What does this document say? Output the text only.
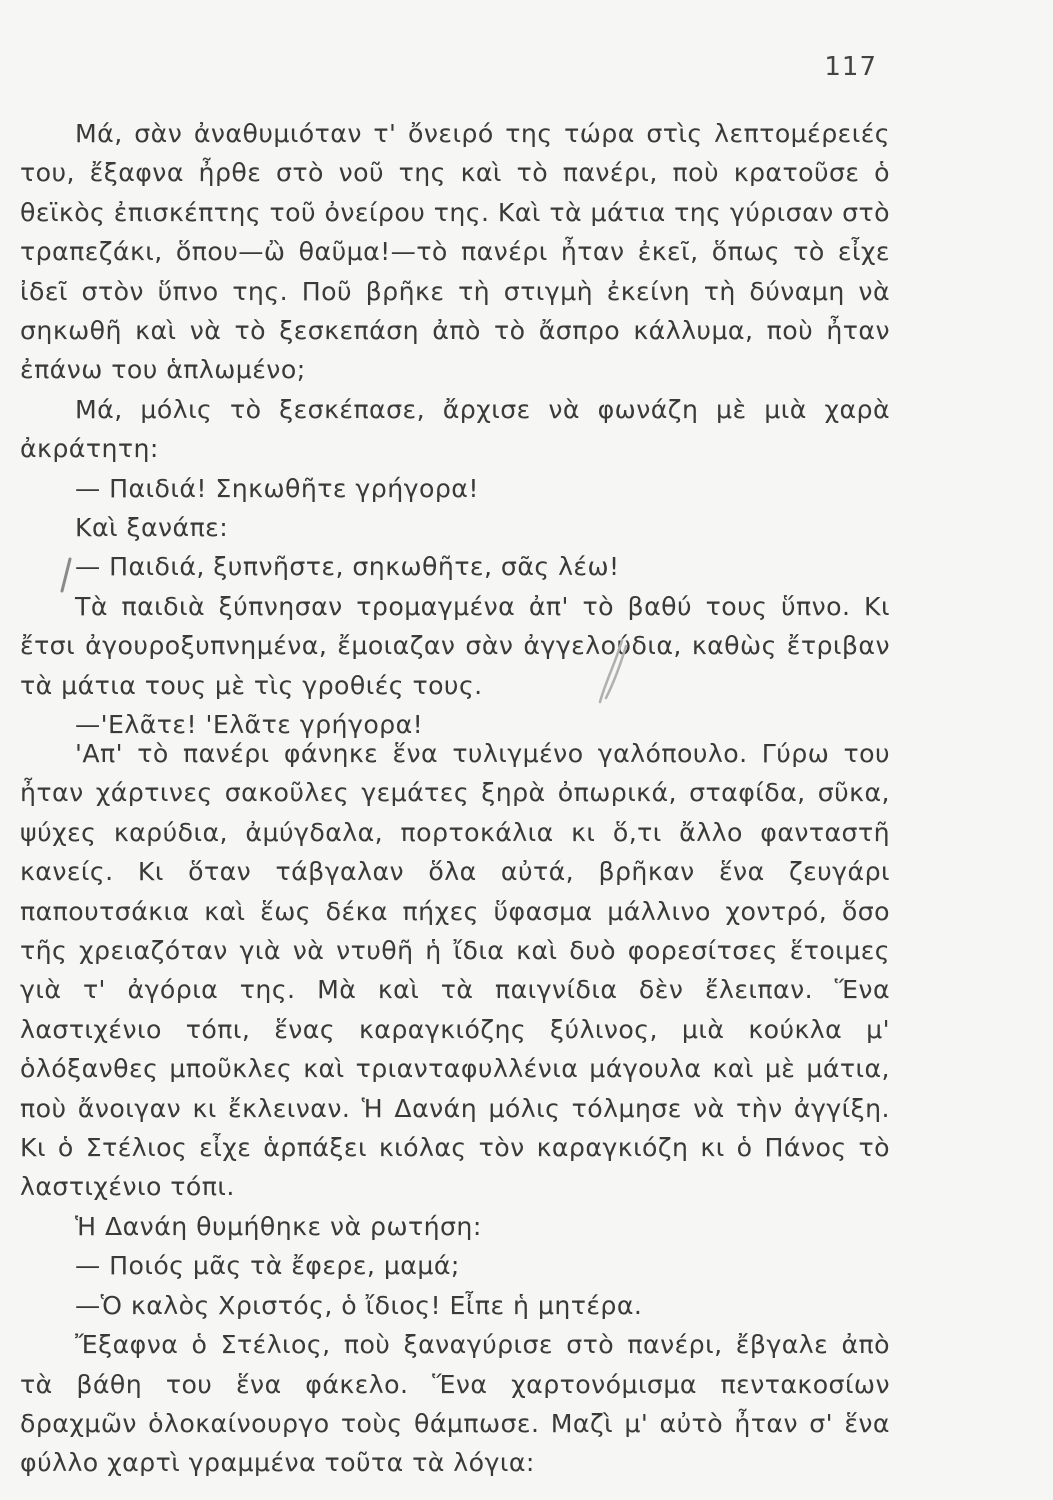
117

Μά, σὰν ἀναθυμιόταν τ' ὄνειρό της τώρα στὶς λεπτομέρειές του, ἔξαφνα ἦρθε στὸ νοῦ της καὶ τὸ πανέρι, ποὺ κρατοῦσε ὁ θεϊκὸς ἐπισκέπτης τοῦ ὀνείρου της. Καὶ τὰ μάτια της γύρισαν στὸ τραπεζάκι, ὅπου—ὢ θαῦμα!—τὸ πανέρι ἦταν ἐκεῖ, ὅπως τὸ εἶχε ἰδεῖ στὸν ὕπνο της. Ποῦ βρῆκε τὴ στιγμὴ ἐκείνη τὴ δύναμη νὰ σηκωθῆ καὶ νὰ τὸ ξεσκεπάση ἀπὸ τὸ ἄσπρο κάλλυμα, ποὺ ἦταν ἐπάνω του ἁπλωμένο;

Μά, μόλις τὸ ξεσκέπασε, ἄρχισε νὰ φωνάζη μὲ μιὰ χαρὰ ἀκράτητη:

— Παιδιά! Σηκωθῆτε γρήγορα!

Καὶ ξανάπε:

— Παιδιά, ξυπνῆστε, σηκωθῆτε, σᾶς λέω!

Τὰ παιδιὰ ξύπνησαν τρομαγμένα ἀπ' τὸ βαθύ τους ὕπνο. Κι ἔτσι ἀγουροξυπνημένα, ἔμοιαζαν σὰν ἀγγελούδια, καθὼς ἔτριβαν τὰ μάτια τους μὲ τὶς γροθιές τους.

—'Ελᾶτε! 'Ελᾶτε γρήγορα!

'Απ' τὸ πανέρι φάνηκε ἕνα τυλιγμένο γαλόπουλο. Γύρω του ἦταν χάρτινες σακοῦλες γεμάτες ξηρὰ ὀπωρικά, σταφίδα, σῦκα, ψύχες καρύδια, ἀμύγδαλα, πορτοκάλια κι ὅ,τι ἄλλο φανταστῆ κανείς. Κι ὅταν τάβγαλαν ὅλα αὐτά, βρῆκαν ἕνα ζευγάρι παπουτσάκια καὶ ἕως δέκα πήχες ὕφασμα μάλλινο χοντρό, ὅσο τῆς χρειαζόταν γιὰ νὰ ντυθῆ ἡ ἴδια καὶ δυὸ φορεσίτσες ἕτοιμες γιὰ τ' ἀγόρια της. Μὰ καὶ τὰ παιγνίδια δὲν ἔλειπαν. Ἕνα λαστιχένιο τόπι, ἕνας καραγκιόζης ξύλινος, μιὰ κούκλα μ' ὁλόξανθες μποῦκλες καὶ τριανταφυλλένια μάγουλα καὶ μὲ μάτια, ποὺ ἄνοιγαν κι ἔκλειναν. Ἡ Δανάη μόλις τόλμησε νὰ τὴν ἀγγίξη. Κι ὁ Στέλιος εἶχε ἁρπάξει κιόλας τὸν καραγκιόζη κι ὁ Πάνος τὸ λαστιχένιο τόπι.

Ἡ Δανάη θυμήθηκε νὰ ρωτήση:

— Ποιός μᾶς τὰ ἔφερε, μαμά;

—Ὁ καλὸς Χριστός, ὁ ἴδιος! Εἶπε ἡ μητέρα.

Ἔξαφνα ὁ Στέλιος, ποὺ ξαναγύρισε στὸ πανέρι, ἔβγαλε ἀπὸ τὰ βάθη του ἕνα φάκελο. Ἕνα χαρτονόμισμα πεντακοσίων δραχμῶν ὁλοκαίνουργο τοὺς θάμπωσε. Μαζὶ μ' αὐτὸ ἦταν σ' ἕνα φύλλο χαρτὶ γραμμένα τοῦτα τὰ λόγια:
